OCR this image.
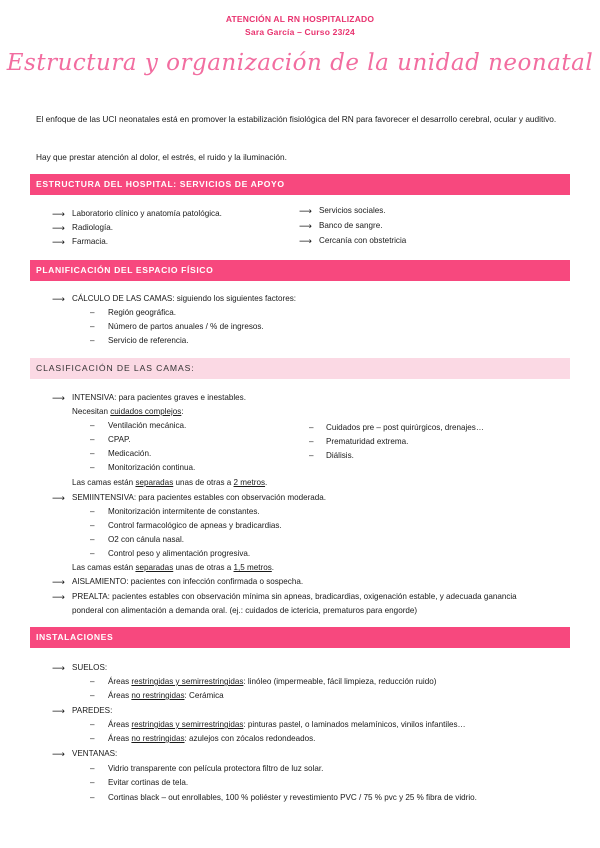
ATENCIÓN AL RN HOSPITALIZADO
Sara García – Curso 23/24
Estructura y organización de la unidad neonatal
El enfoque de las UCI neonatales está en promover la estabilización fisiológica del RN para favorecer el desarrollo cerebral, ocular y auditivo.
Hay que prestar atención al dolor, el estrés, el ruido y la iluminación.
ESTRUCTURA DEL HOSPITAL: SERVICIOS DE APOYO
⟶ Laboratorio clínico y anatomía patológica.
⟶ Radiología.
⟶ Farmacia.
⟶ Servicios sociales.
⟶ Banco de sangre.
⟶ Cercanía con obstetricia
PLANIFICACIÓN DEL ESPACIO FÍSICO
⟶ CÁLCULO DE LAS CAMAS: siguiendo los siguientes factores:
– Región geográfica.
– Número de partos anuales / % de ingresos.
– Servicio de referencia.
CLASIFICACIÓN DE LAS CAMAS:
⟶ INTENSIVA: para pacientes graves e inestables.
Necesitan cuidados complejos:
– Ventilación mecánica.
– CPAP.
– Medicación.
– Monitorización continua.
– Cuidados pre – post quirúrgicos, drenajes…
– Prematuridad extrema.
– Diálisis.
Las camas están separadas unas de otras a 2 metros.
⟶ SEMIINTENSIVA: para pacientes estables con observación moderada.
– Monitorización intermitente de constantes.
– Control farmacológico de apneas y bradicardias.
– O2 con cánula nasal.
– Control peso y alimentación progresiva.
Las camas están separadas unas de otras a 1,5 metros.
⟶ AISLAMIENTO: pacientes con infección confirmada o sospecha.
⟶ PREALTA: pacientes estables con observación mínima sin apneas, bradicardias, oxigenación estable, y adecuada ganancia
ponderal con alimentación a demanda oral. (ej.: cuidados de ictericia, prematuros para engorde)
INSTALACIONES
⟶ SUELOS:
– Áreas restringidas y semirrestringidas: linóleo (impermeable, fácil limpieza, reducción ruido)
– Áreas no restringidas: Cerámica
⟶ PAREDES:
– Áreas restringidas y semirrestringidas: pinturas pastel, o laminados melamínicos, vinilos infantiles…
– Áreas no restringidas: azulejos con zócalos redondeados.
⟶ VENTANAS:
– Vidrio transparente con película protectora filtro de luz solar.
– Evitar cortinas de tela.
– Cortinas black – out enrollables, 100 % poliéster y revestimiento PVC / 75 % pvc y 25 % fibra de vidrio.
